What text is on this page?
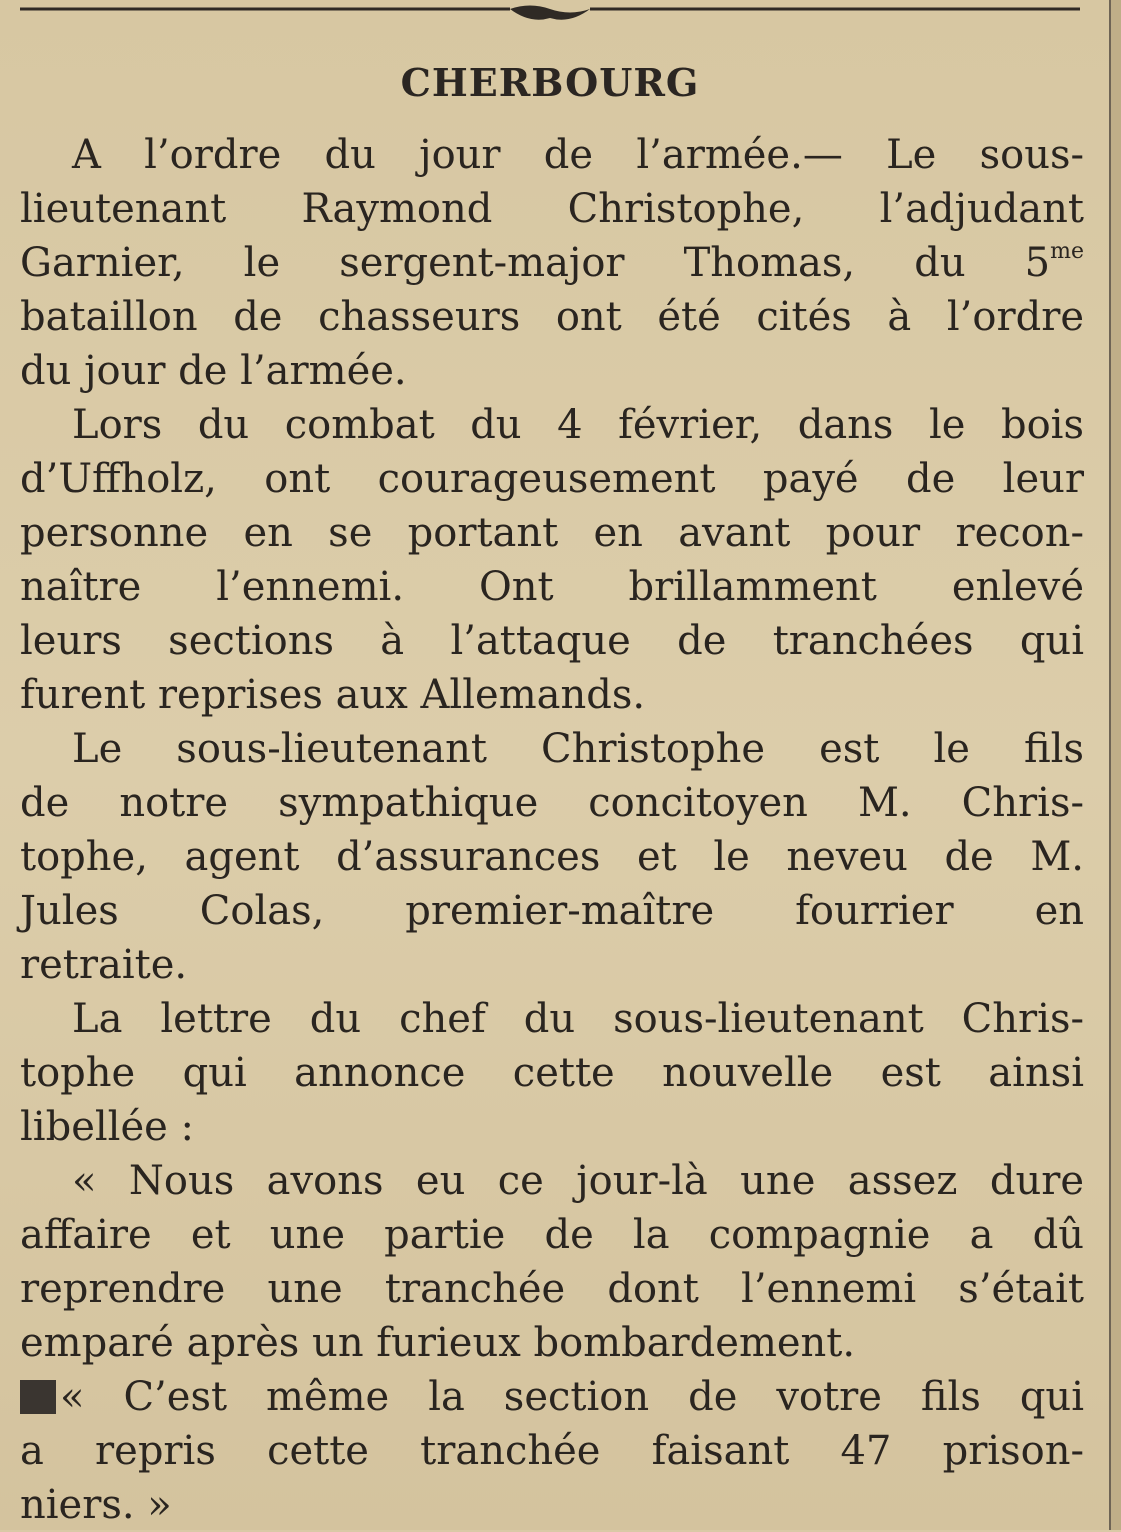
CHERBOURG
A l’ordre du jour de l’armée.— Le sous-
lieutenant Raymond Christophe, l’adjudant
Garnier, le sergent-major Thomas, du $5^{me}$
bataillon de chasseurs ont été cités à l’ordre
du jour de l’armée.
Lors du combat du 4 février, dans le bois
d’Uffholz, ont courageusement payé de leur
personne en se portant en avant pour recon-
naître l’ennemi. Ont brillamment enlevé
leurs sections à l’attaque de tranchées qui
furent reprises aux Allemands.
Le sous-lieutenant Christophe est le fils
de notre sympathique concitoyen M. Chris-
tophe, agent d’assurances et le neveu de M.
Jules Colas, premier-maître fourrier en
retraite.
La lettre du chef du sous-lieutenant Chris-
tophe qui annonce cette nouvelle est ainsi
libellée :
« Nous avons eu ce jour-là une assez dure
affaire et une partie de la compagnie a dû
reprendre une tranchée dont l’ennemi s’était
emparé après un furieux bombardement.
« C’est même la section de votre fils qui
a repris cette tranchée faisant 47 prison-
niers. »
